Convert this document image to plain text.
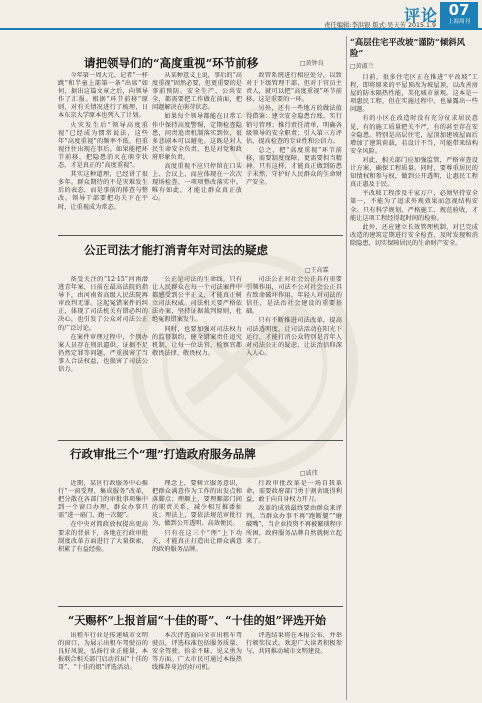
评论
责任编辑:李洪银 版式:吴天芳 2015.1.9
07
上海周刊
请把领导们的“高度重视”环节前移	□黄钟良

今年第一周大元、记者“一样跳”和半童上部第一条“出席”如何，据出这篇文章之后，向领导作了汇报。根据“环节前移”原则，对有关情况进行了梳理，日本东京大学原本也列入了计划。

火灾发生后“领导高度重视”已经成为惯常说法，这些年“高度重视”的频率不低，但重视往往出现在事后。如果能把环节前移，把隐患消灭在萌芽状态，才是真正的“高度重视”。

其实这种道理，已经讲了很多年。群众期待的不是灾难发生后的表态，而是事前的排查与整改。领导干部要把功夫下在平时，让重视成为常态。

从某种意义上说，事后的“高度重视”固然必要，但更重要的是事前预防。安全生产、公共安全，都需要把工作做在前面，把问题解决在萌芽状态。

如果每个领导都能在日常工作中保持高度警惕，定期检查隐患，问责追责机制落实到位，很多悲剧本可以避免。这既是对人民生命安全负责，也是对党和政府形象负责。

高度重视不应只停留在口头上、会议上，而应体现在一次次现场检查、一项项整改落实中。唯有如此，才能让群众真正放心。

政管系统进行相应处分，以致对于下级管理干部，但对于官员主责人，就可以把“高度重视”环节前移，这是重要的一环。

另外，还有一些地方的做法值得借鉴：建立安全隐患台账，实行销号管理；推行责任清单，明确各级领导的安全职责；引入第三方评估，提高检查的专业性和公信力。

总之，把“高度重视”环节前移，需要制度保障，更需要担当精神。只有这样，才能真正做到防患于未然，守护好人民群众的生命财产安全。

公正司法才能打消青年对司法的疑虑
□王高霖

备受关注的“12·15”河南潜逃青年案，日前在最高法院的指导下，由河南省高级人民法院再审改判无罪。这起冤错案件的纠正，体现了司法机关有错必纠的决心，也引发了公众对司法公正的广泛讨论。

在案件审理过程中，个别办案人员存在刑讯逼供、证据不足仍然定罪等问题，严重损害了当事人合法权益，也损害了司法公信力。

公正是司法的生命线。只有让人民群众在每一个司法案件中都感受到公平正义，才能真正树立司法权威。司法机关要严格依法办案，坚持证据裁判原则，杜绝冤假错案发生。

同时，也要加强对司法权力的监督制约，健全错案责任追究机制，让每一位法官、检察官都敬畏法律、敬畏权力。

司法公正对社会公正具有重要引领作用，司法不公对社会公正具有致命破坏作用。年轻人对司法的信任，是法治社会建设的重要基础。

只有不断推进司法改革，提高司法透明度，让司法活动在阳光下运行，才能打消公众特别是青年人对司法公正的疑虑，让法治信仰深入人心。

行政审批三个“理”打造政府服务品牌
□戚伟

近期，某区行政服务中心推行“一窗受理、集成服务”改革，把分散在各部门的审批事项集中到一个窗口办理，群众办事只需“进一扇门、跑一次腿”。

在中央对简政放权提出更高要求的背景下，各地在行政审批制度改革方面进行了大量探索，积累了有益经验。

理念上，要树立服务意识，把群众满意作为工作的出发点和落脚点；理顺上，要理顺部门间的职责关系，减少相互推诿扯皮；理法上，要依法规范审批行为，做到公开透明、高效便民。

只有在这三个“理”上下功夫，才能真正打造出让群众满意的政府服务品牌。

行政审批改革是一场自我革命，需要政府部门勇于割舍既得利益，敢于向自身权力开刀。

改革的成效最终要由群众来评判。当群众办事不再“跑断腿”“磨破嘴”，当企业投资不再被繁琐程序所困，政府服务品牌自然就树立起来了。

“天赐杯”上报首届“十佳的哥”、“十佳的姐”评选开始

出租车行业是传递城市文明的窗口，为展示出租车驾驶员的良好风貌，弘扬行业正能量，本报联合相关部门启动首届“十佳的哥”、“十佳的姐”评选活动。

本次评选面向全市出租车驾驶员，评选标准包括服务质量、安全驾驶、拾金不昧、见义勇为等方面。广大市民可通过本报热线推荐身边的好司机。

评选结果将在本报公布，并举行颁奖仪式。欢迎广大读者积极参与，共同推动城市文明建设。

“高层住宅平改坡”谨防“倾斜风险”
□黄淑兰

目前，很多住宅区正在推进“平改坡”工程，即将原来的平屋顶改为坡屋顶，以改善房屋的防水隔热性能，美化城市景观。这本是一项惠民工程，但在实施过程中，也暴露出一些问题。

有的小区在改造时没有充分征求居民意见，有的施工质量把关不严，有的甚至存在安全隐患。特别是高层住宅，屋顶加建坡屋面后增加了建筑荷载，若设计不当，可能带来结构安全风险。

对此，相关部门应加强监管，严格审查设计方案，确保工程质量。同时，要尊重居民的知情权和参与权，做到公开透明，让惠民工程真正惠及于民。

平改坡工程涉及千家万户，必须坚持安全第一，不能为了追求外观效果而忽视结构安全。只有科学规划、严格施工、规范验收，才能让这项工程经得起时间的检验。

此外，还应建立长效管理机制，对已完成改造的建筑定期进行安全检查，及时发现和消除隐患，切实保障居民的生命财产安全。
